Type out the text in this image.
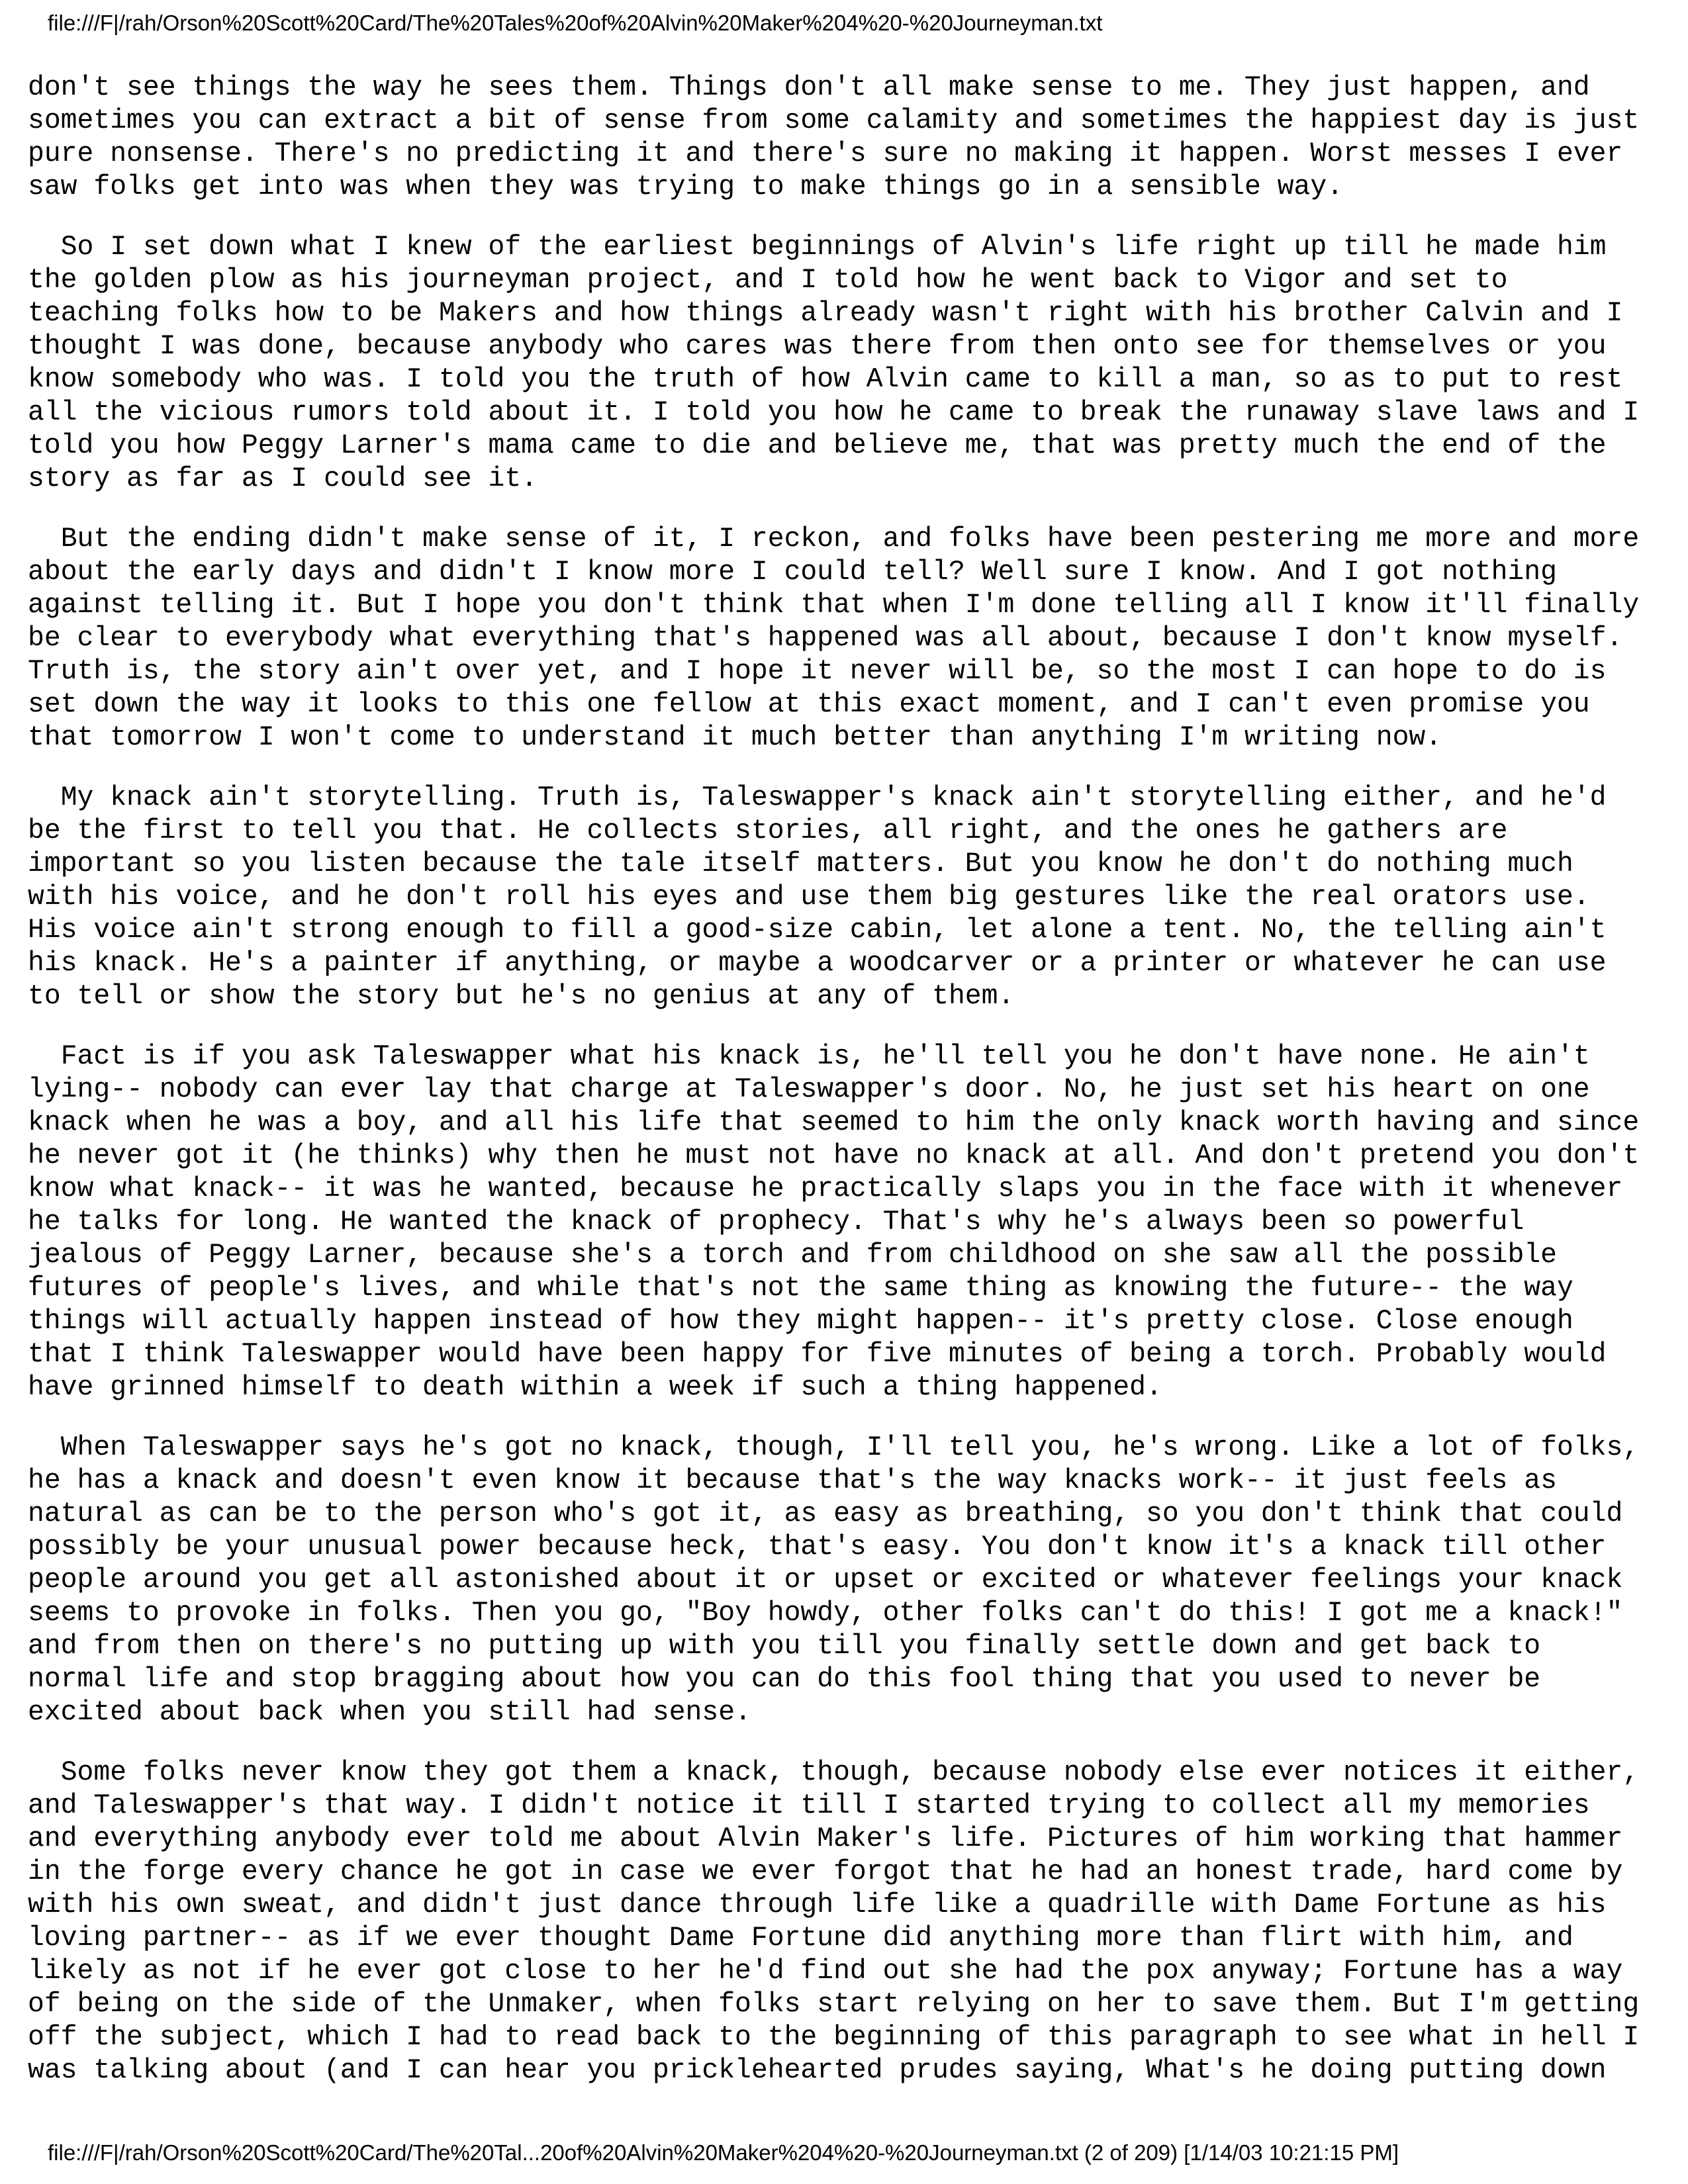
file:///F|/rah/Orson%20Scott%20Card/The%20Tales%20of%20Alvin%20Maker%204%20-%20Journeyman.txt

don't see things the way he sees them. Things don't all make sense to me. They just happen, and
sometimes you can extract a bit of sense from some calamity and sometimes the happiest day is just
pure nonsense. There's no predicting it and there's sure no making it happen. Worst messes I ever
saw folks get into was when they was trying to make things go in a sensible way.

So I set down what I knew of the earliest beginnings of Alvin's life right up till he made him
the golden plow as his journeyman project, and I told how he went back to Vigor and set to
teaching folks how to be Makers and how things already wasn't right with his brother Calvin and I
thought I was done, because anybody who cares was there from then onto see for themselves or you
know somebody who was. I told you the truth of how Alvin came to kill a man, so as to put to rest
all the vicious rumors told about it. I told you how he came to break the runaway slave laws and I
told you how Peggy Larner's mama came to die and believe me, that was pretty much the end of the
story as far as I could see it.

But the ending didn't make sense of it, I reckon, and folks have been pestering me more and more
about the early days and didn't I know more I could tell? Well sure I know. And I got nothing
against telling it. But I hope you don't think that when I'm done telling all I know it'll finally
be clear to everybody what everything that's happened was all about, because I don't know myself.
Truth is, the story ain't over yet, and I hope it never will be, so the most I can hope to do is
set down the way it looks to this one fellow at this exact moment, and I can't even promise you
that tomorrow I won't come to understand it much better than anything I'm writing now.

My knack ain't storytelling. Truth is, Taleswapper's knack ain't storytelling either, and he'd
be the first to tell you that. He collects stories, all right, and the ones he gathers are
important so you listen because the tale itself matters. But you know he don't do nothing much
with his voice, and he don't roll his eyes and use them big gestures like the real orators use.
His voice ain't strong enough to fill a good-size cabin, let alone a tent. No, the telling ain't
his knack. He's a painter if anything, or maybe a woodcarver or a printer or whatever he can use
to tell or show the story but he's no genius at any of them.

Fact is if you ask Taleswapper what his knack is, he'll tell you he don't have none. He ain't
lying-- nobody can ever lay that charge at Taleswapper's door. No, he just set his heart on one
knack when he was a boy, and all his life that seemed to him the only knack worth having and since
he never got it (he thinks) why then he must not have no knack at all. And don't pretend you don't
know what knack-- it was he wanted, because he practically slaps you in the face with it whenever
he talks for long. He wanted the knack of prophecy. That's why he's always been so powerful
jealous of Peggy Larner, because she's a torch and from childhood on she saw all the possible
futures of people's lives, and while that's not the same thing as knowing the future-- the way
things will actually happen instead of how they might happen-- it's pretty close. Close enough
that I think Taleswapper would have been happy for five minutes of being a torch. Probably would
have grinned himself to death within a week if such a thing happened.

When Taleswapper says he's got no knack, though, I'll tell you, he's wrong. Like a lot of folks,
he has a knack and doesn't even know it because that's the way knacks work-- it just feels as
natural as can be to the person who's got it, as easy as breathing, so you don't think that could
possibly be your unusual power because heck, that's easy. You don't know it's a knack till other
people around you get all astonished about it or upset or excited or whatever feelings your knack
seems to provoke in folks. Then you go, "Boy howdy, other folks can't do this! I got me a knack!"
and from then on there's no putting up with you till you finally settle down and get back to
normal life and stop bragging about how you can do this fool thing that you used to never be
excited about back when you still had sense.

Some folks never know they got them a knack, though, because nobody else ever notices it either,
and Taleswapper's that way. I didn't notice it till I started trying to collect all my memories
and everything anybody ever told me about Alvin Maker's life. Pictures of him working that hammer
in the forge every chance he got in case we ever forgot that he had an honest trade, hard come by
with his own sweat, and didn't just dance through life like a quadrille with Dame Fortune as his
loving partner-- as if we ever thought Dame Fortune did anything more than flirt with him, and
likely as not if he ever got close to her he'd find out she had the pox anyway; Fortune has a way
of being on the side of the Unmaker, when folks start relying on her to save them. But I'm getting
off the subject, which I had to read back to the beginning of this paragraph to see what in hell I
was talking about (and I can hear you pricklehearted prudes saying, What's he doing putting down

file:///F|/rah/Orson%20Scott%20Card/The%20Tal...20of%20Alvin%20Maker%204%20-%20Journeyman.txt (2 of 209) [1/14/03 10:21:15 PM]
